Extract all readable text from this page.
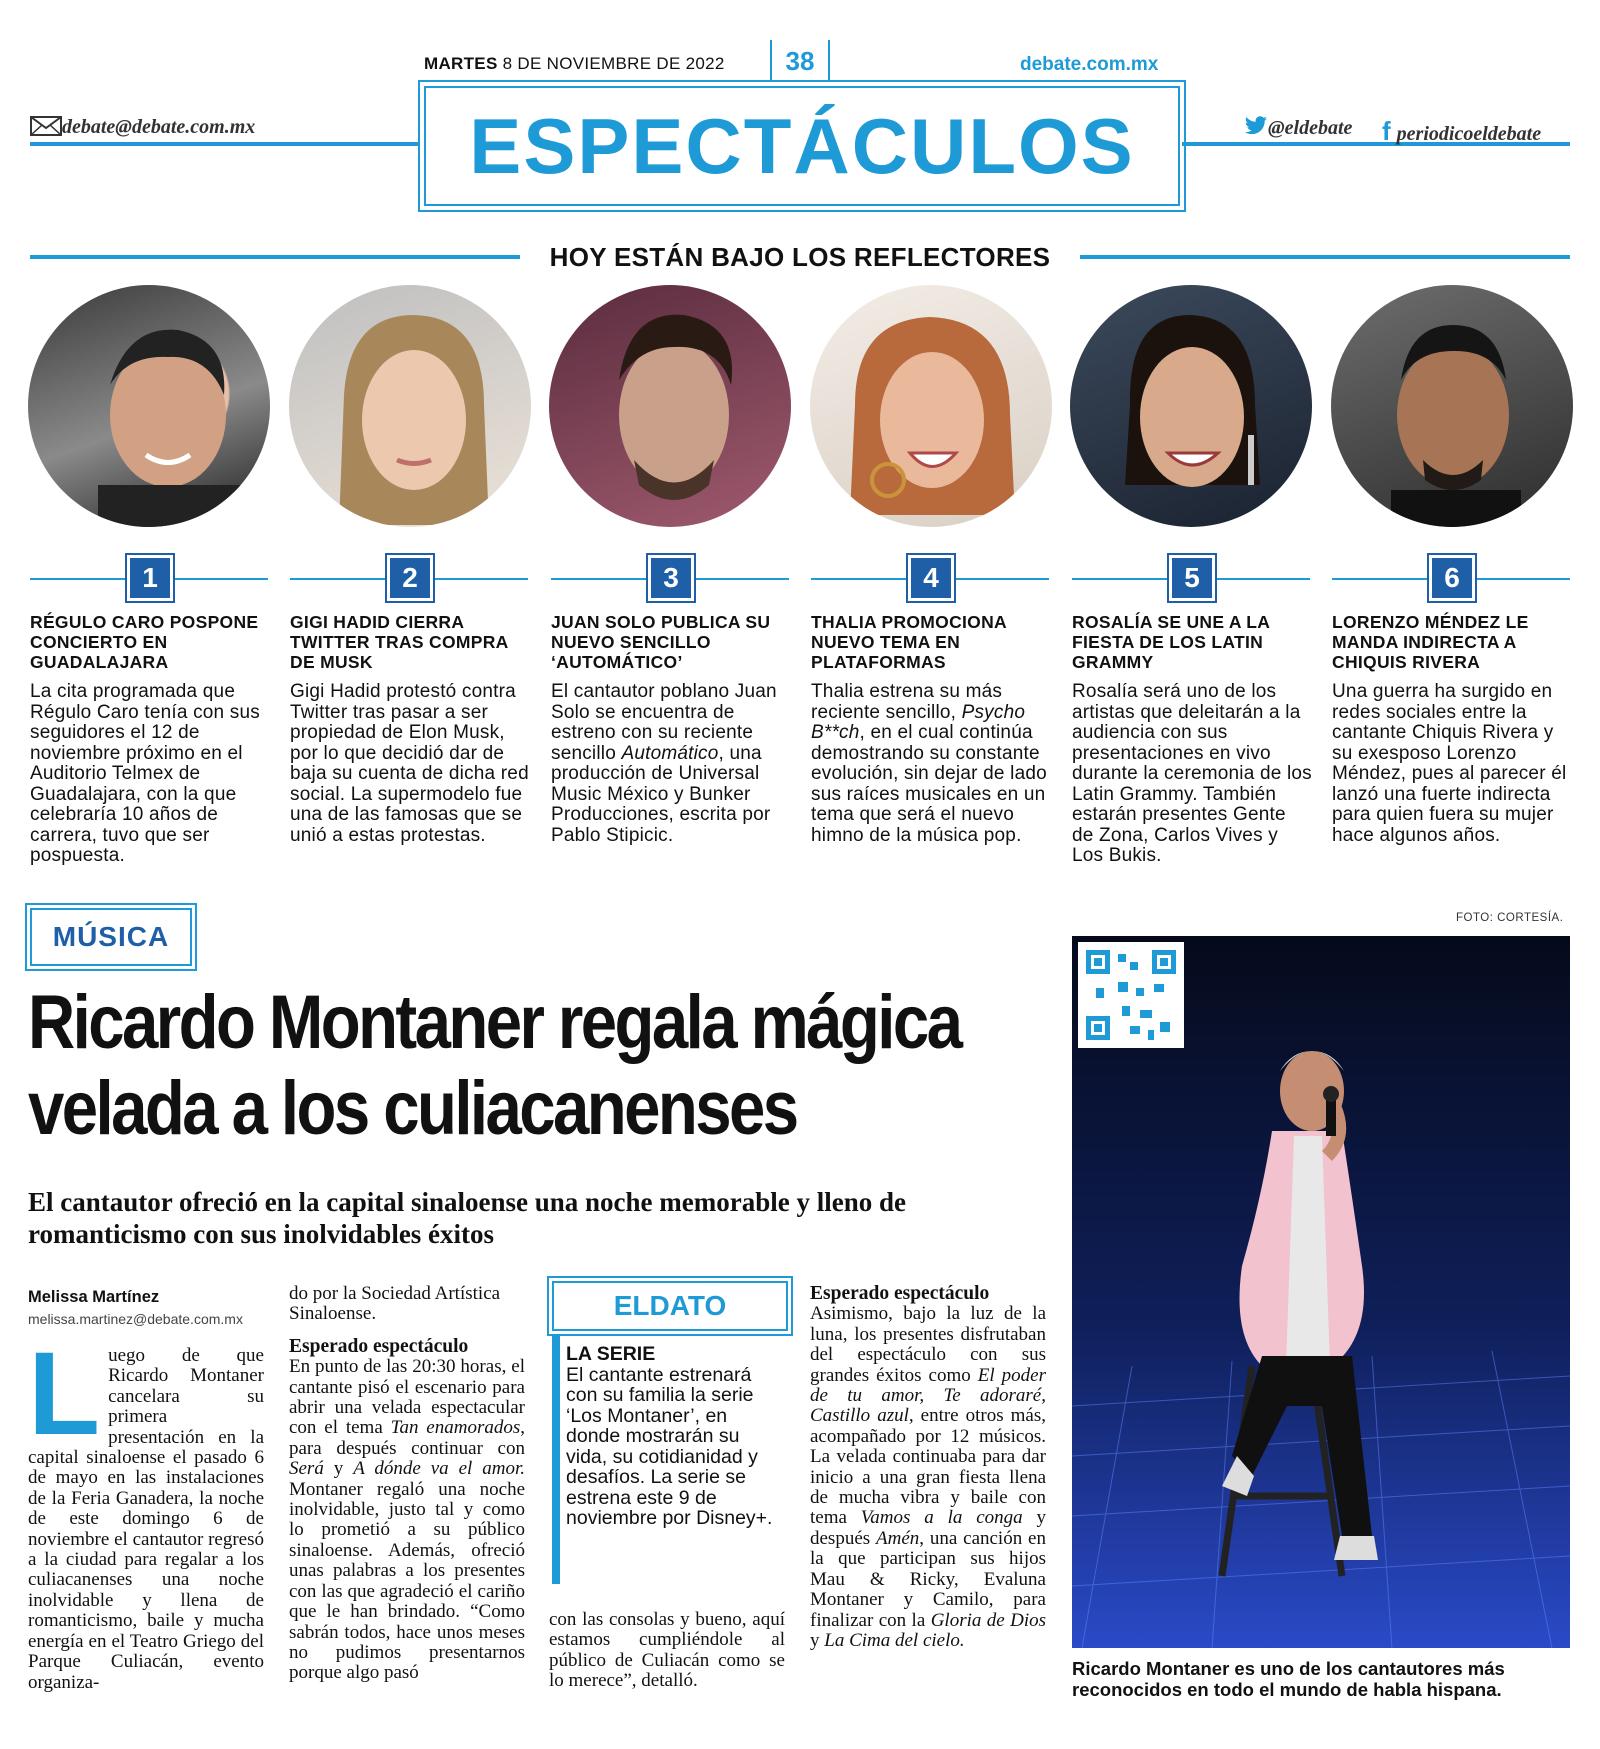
MARTES 8 DE NOVIEMBRE DE 2022	38	debate.com.mx
ESPECTÁCULOS
debate@debate.com.mx	@eldebate f periodicoeldebate
HOY ESTÁN BAJO LOS REFLECTORES
1	2	3	4	5	6
RÉGULO CARO POSPONE CONCIERTO EN GUADALAJARA
GIGI HADID CIERRA TWITTER TRAS COMPRA DE MUSK
JUAN SOLO PUBLICA SU NUEVO SENCILLO ‘AUTOMÁTICO’
THALIA PROMOCIONA NUEVO TEMA EN PLATAFORMAS
ROSALÍA SE UNE A LA FIESTA DE LOS LATIN GRAMMY
LORENZO MÉNDEZ LE MANDA INDIRECTA A CHIQUIS RIVERA
La cita programada que Régulo Caro tenía con sus seguidores el 12 de noviembre próximo en el Auditorio Telmex de Guadalajara, con la que celebraría 10 años de carrera, tuvo que ser pospuesta.
Gigi Hadid protestó contra Twitter tras pasar a ser propiedad de Elon Musk, por lo que decidió dar de baja su cuenta de dicha red social. La supermodelo fue una de las famosas que se unió a estas protestas.
El cantautor poblano Juan Solo se encuentra de estreno con su reciente sencillo Automático, una producción de Universal Music México y Bunker Producciones, escrita por Pablo Stipicic.
Thalia estrena su más reciente sencillo, Psycho B**ch, en el cual continúa demostrando su constante evolución, sin dejar de lado sus raíces musicales en un tema que será el nuevo himno de la música pop.
Rosalía será uno de los artistas que deleitarán a la audiencia con sus presentaciones en vivo durante la ceremonia de los Latin Grammy. También estarán presentes Gente de Zona, Carlos Vives y Los Bukis.
Una guerra ha surgido en redes sociales entre la cantante Chiquis Rivera y su exesposo Lorenzo Méndez, pues al parecer él lanzó una fuerte indirecta para quien fuera su mujer hace algunos años.
MÚSICA
Ricardo Montaner regala mágica
velada a los culiacanenses
El cantautor ofreció en la capital sinaloense una noche memorable y lleno de romanticismo con sus inolvidables éxitos
Melissa Martínez
melissa.martinez@debate.com.mx
Luego de que Ricardo Montaner cancelara su primera presentación en la capital sinaloense el pasado 6 de mayo en las instalaciones de la Feria Ganadera, la noche de este domingo 6 de noviembre el cantautor regresó a la ciudad para regalar a los culiacanenses una noche inolvidable y llena de romanticismo, baile y mucha energía en el Teatro Griego del Parque Culiacán, evento organiza-

do por la Sociedad Artística Sinaloense.

Esperado espectáculo

En punto de las 20:30 horas, el cantante pisó el escenario para abrir una velada espectacular con el tema Tan enamorados, para después continuar con Será y A dónde va el amor. Montaner regaló una noche inolvidable, justo tal y como lo prometió a su público sinaloense. Además, ofreció unas palabras a los presentes con las que agradeció el cariño que le han brindado. “Como sabrán todos, hace unos meses no pudimos presentarnos porque algo pasó

ELDATO
LA SERIE
El cantante estrenará con su familia la serie ‘Los Montaner’, en donde mostrarán su vida, su cotidianidad y desafíos. La serie se estrena este 9 de noviembre por Disney+.

con las consolas y bueno, aquí estamos cumpliéndole al público de Culiacán como se lo merece”, detalló.

Esperado espectáculo

Asimismo, bajo la luz de la luna, los presentes disfrutaban del espectáculo con sus grandes éxitos como El poder de tu amor, Te adoraré, Castillo azul, entre otros más, acompañado por 12 músicos. La velada continuaba para dar inicio a una gran fiesta llena de mucha vibra y baile con tema Vamos a la conga y después Amén, una canción en la que participan sus hijos Mau & Ricky, Evaluna Montaner y Camilo, para finalizar con la Gloria de Dios y La Cima del cielo.

FOTO: CORTESÍA.
Ricardo Montaner es uno de los cantautores más reconocidos en todo el mundo de habla hispana.
